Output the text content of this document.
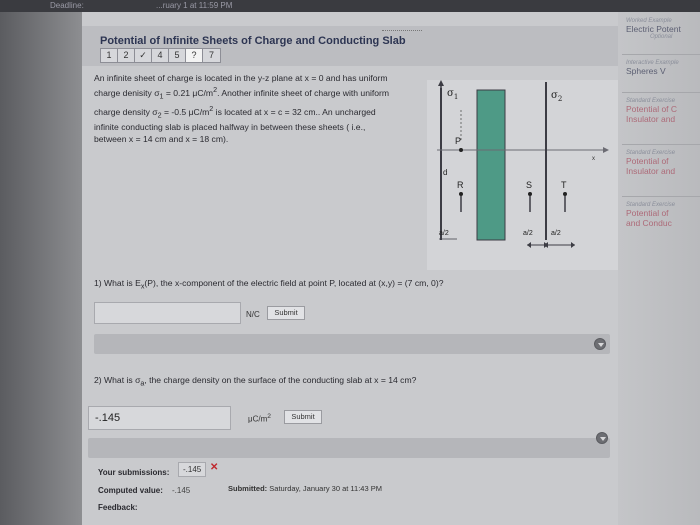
Deadline:	...ruary 1 at 11:59 PM
Potential of Infinite Sheets of Charge and Conducting Slab
1	2	✓	4	5	?	7
An infinite sheet of charge is located in the y-z plane at x = 0 and has uniform
charge denisity $\sigma_1 = 0.21$ $\mu C/m^2$. Another infinite sheet of charge with uniform
charge density $\sigma_2 = -0.5$ $\mu C/m^2$ is located at x = c = 32 cm.. An uncharged
infinite conducting slab is placed halfway in between these sheets ( i.e.,
between x = 14 cm and x = 18 cm).
$\sigma_1$
x
$\sigma_2$
P
d
R	S	T
a/2	a/2	a/2
1) What is $E_x(P)$, the x-component of the electric field at point P, located at (x,y) = (7 cm, 0)?
N/C	Submit
2) What is $\sigma_a$, the charge density on the surface of the conducting slab at x = 14 cm?
-.145	$\mu C/m^2$	Submit
Your submissions:	-.145 ✕
Computed value: -.145	Submitted: Saturday, January 30 at 11:43 PM
Feedback:
Worked Example
Electric Potent
Optional
Interactive Example
Spheres V
Standard Exercise
Potential of C
Insulator and
Standard Exercise
Potential of
Insulator and
Standard Exercise
Potential of
and Conduc
